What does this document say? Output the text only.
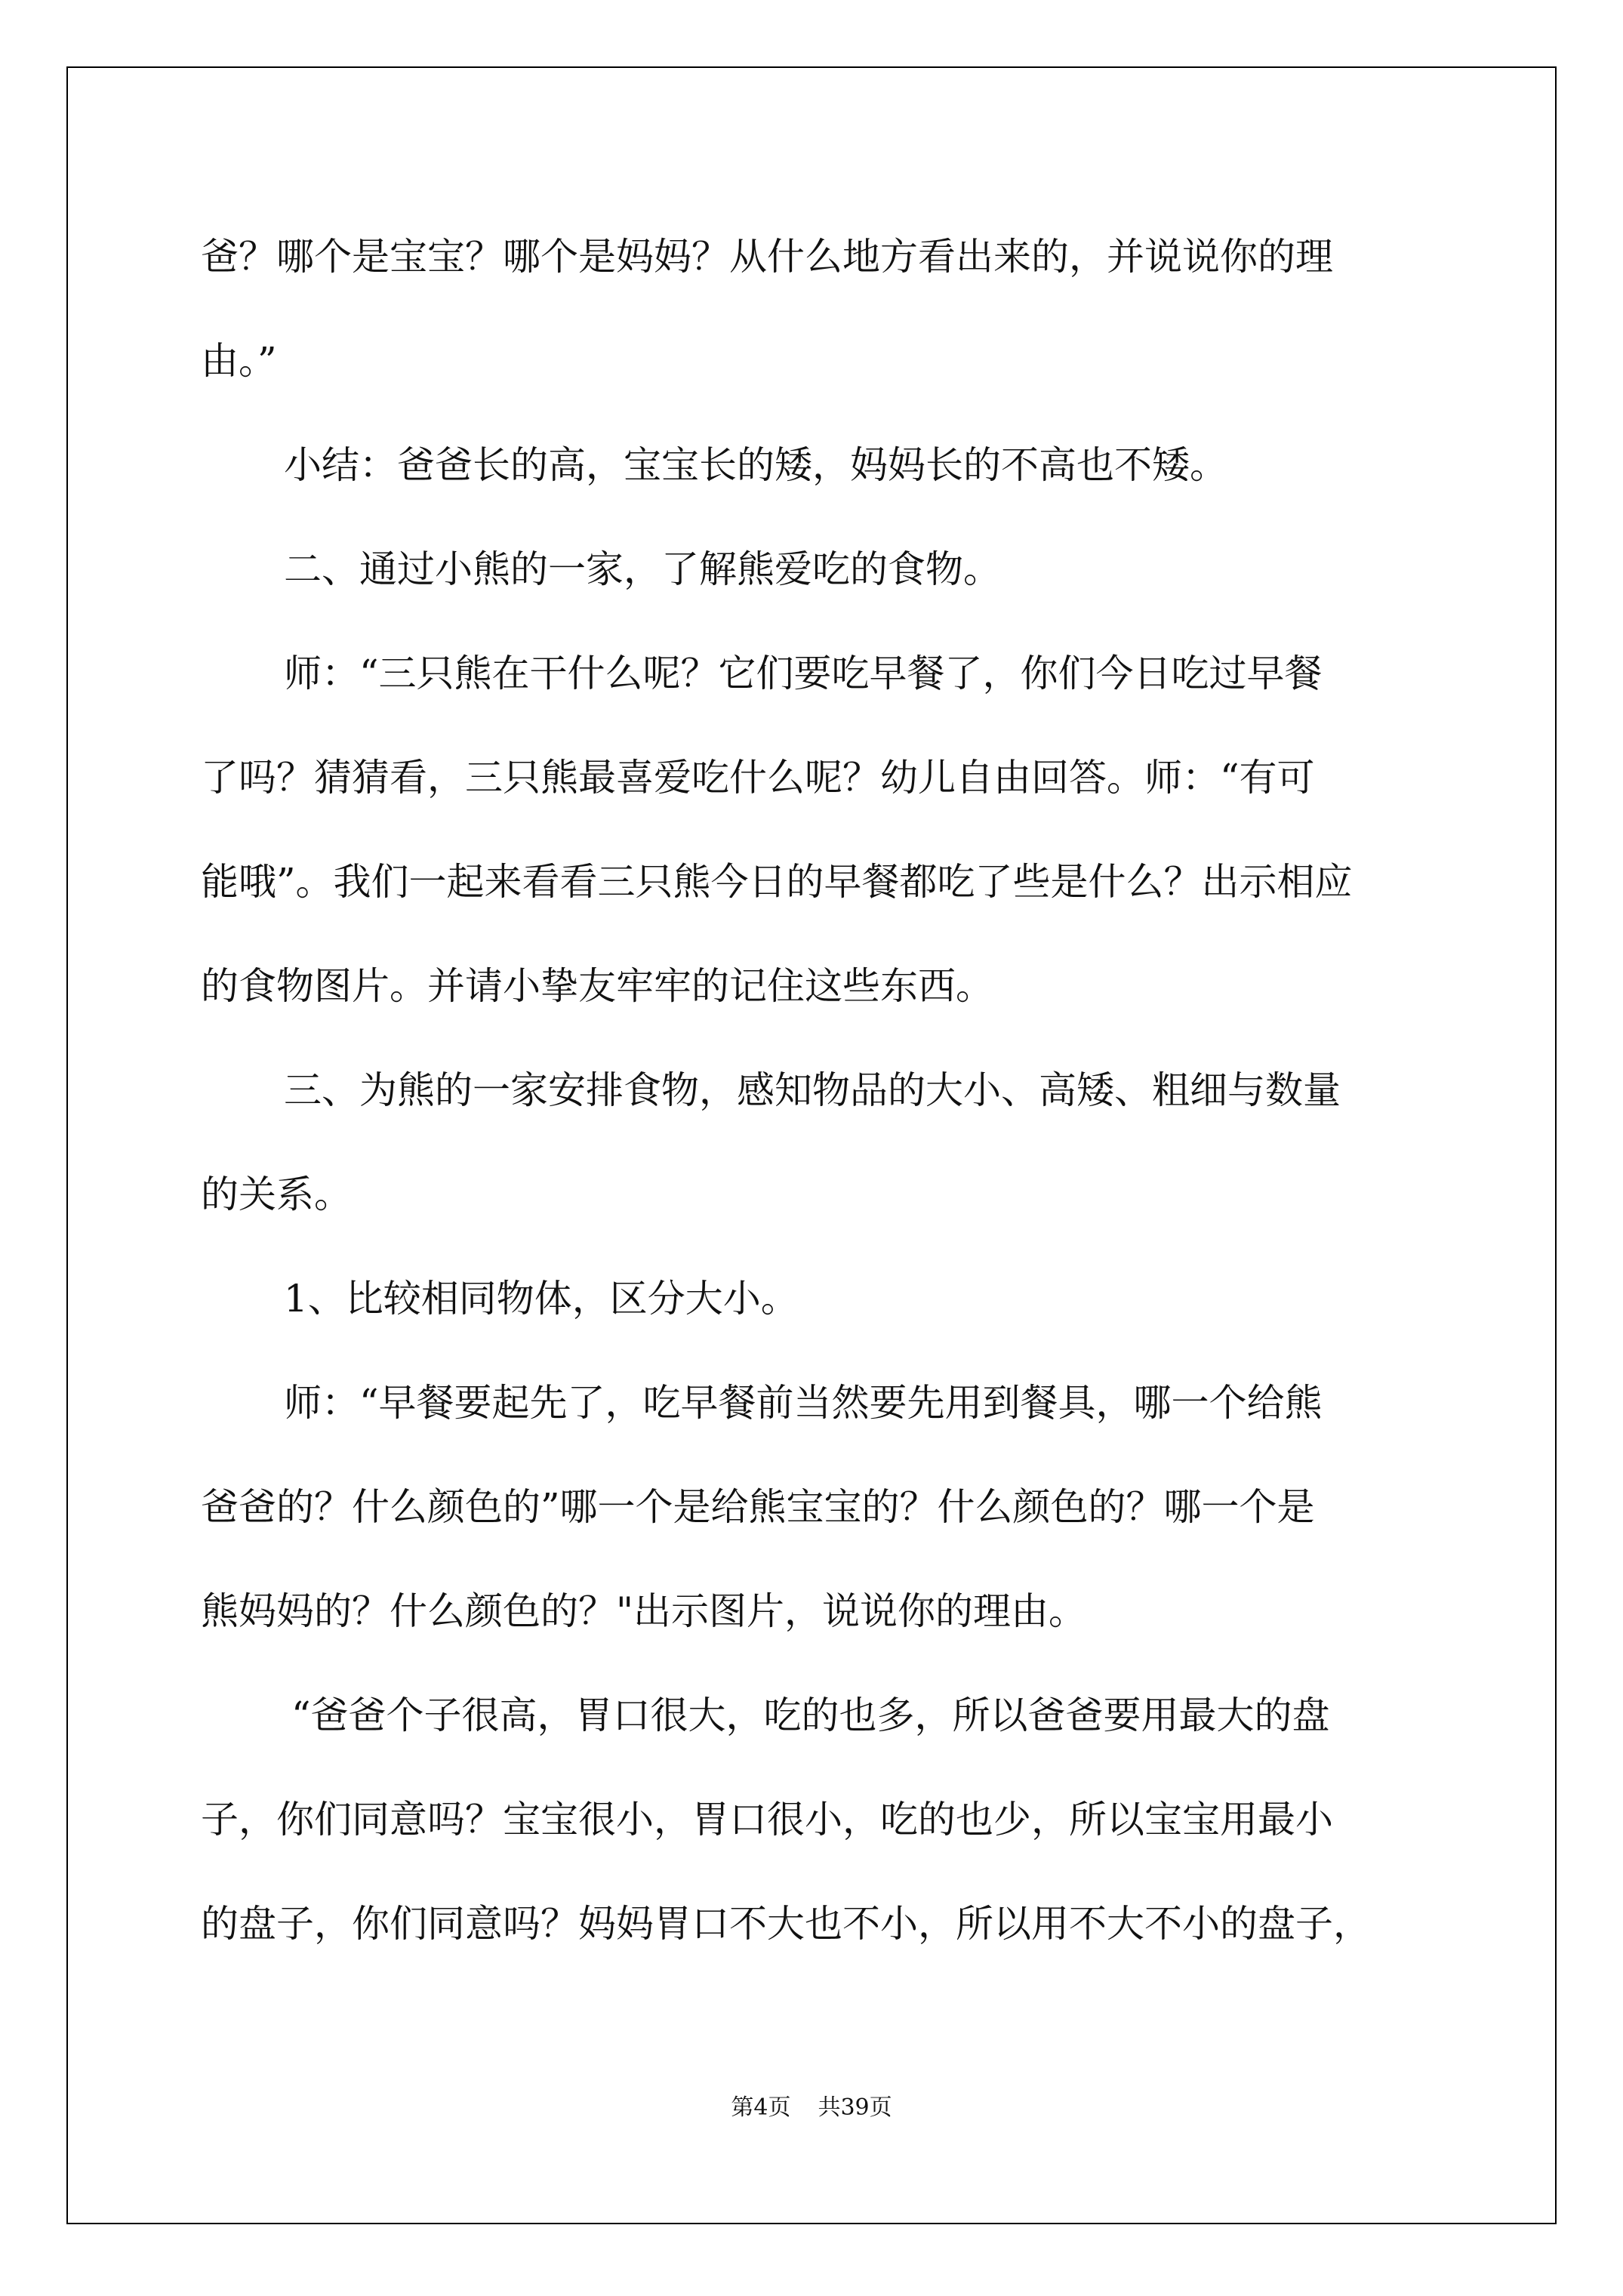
爸？哪个是宝宝？哪个是妈妈？从什么地方看出来的，并说说你的理

由。”

小结：爸爸长的高，宝宝长的矮，妈妈长的不高也不矮。

二、通过小熊的一家，了解熊爱吃的食物。

师：“三只熊在干什么呢？它们要吃早餐了，你们今日吃过早餐

了吗？猜猜看，三只熊最喜爱吃什么呢？幼儿自由回答。师：“有可

能哦”。我们一起来看看三只熊今日的早餐都吃了些是什么？出示相应

的食物图片。并请小挚友牢牢的记住这些东西。

三、为熊的一家安排食物，感知物品的大小、高矮、粗细与数量

的关系。

1、比较相同物体，区分大小。

师：“早餐要起先了，吃早餐前当然要先用到餐具，哪一个给熊

爸爸的？什么颜色的”哪一个是给熊宝宝的？什么颜色的？哪一个是

熊妈妈的？什么颜色的？"出示图片，说说你的理由。

“爸爸个子很高，胃口很大，吃的也多，所以爸爸要用最大的盘

子，你们同意吗？宝宝很小，胃口很小，吃的也少，所以宝宝用最小

的盘子，你们同意吗？妈妈胃口不大也不小，所以用不大不小的盘子，

第4页 共39页
